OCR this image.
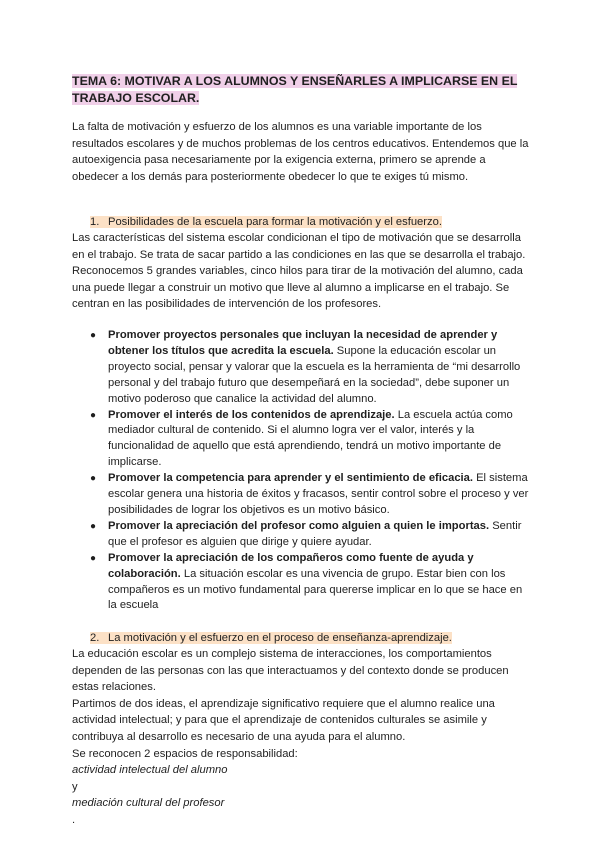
TEMA 6: MOTIVAR A LOS ALUMNOS Y ENSEÑARLES A IMPLICARSE EN EL
TRABAJO ESCOLAR.

La falta de motivación y esfuerzo de los alumnos es una variable importante de los resultados escolares y de muchos problemas de los centros educativos. Entendemos que la autoexigencia pasa necesariamente por la exigencia externa, primero se aprende a obedecer a los demás para posteriormente obedecer lo que te exiges tú mismo.

1. Posibilidades de la escuela para formar la motivación y el esfuerzo.

Las características del sistema escolar condicionan el tipo de motivación que se desarrolla en el trabajo. Se trata de sacar partido a las condiciones en las que se desarrolla el trabajo. Reconocemos 5 grandes variables, cinco hilos para tirar de la motivación del alumno, cada una puede llegar a construir un motivo que lleve al alumno a implicarse en el trabajo. Se centran en las posibilidades de intervención de los profesores.

● Promover proyectos personales que incluyan la necesidad de aprender y obtener los títulos que acredita la escuela. Supone la educación escolar un proyecto social, pensar y valorar que la escuela es la herramienta de “mi desarrollo personal y del trabajo futuro que desempeñará en la sociedad”, debe suponer un motivo poderoso que canalice la actividad del alumno.
● Promover el interés de los contenidos de aprendizaje. La escuela actúa como mediador cultural de contenido. Si el alumno logra ver el valor, interés y la funcionalidad de aquello que está aprendiendo, tendrá un motivo importante de implicarse.
● Promover la competencia para aprender y el sentimiento de eficacia. El sistema escolar genera una historia de éxitos y fracasos, sentir control sobre el proceso y ver posibilidades de lograr los objetivos es un motivo básico.
● Promover la apreciación del profesor como alguien a quien le importas. Sentir que el profesor es alguien que dirige y quiere ayudar.
● Promover la apreciación de los compañeros como fuente de ayuda y colaboración. La situación escolar es una vivencia de grupo. Estar bien con los compañeros es un motivo fundamental para quererse implicar en lo que se hace en la escuela
2. La motivación y el esfuerzo en el proceso de enseñanza-aprendizaje.
La educación escolar es un complejo sistema de interacciones, los comportamientos dependen de las personas con las que interactuamos y del contexto donde se producen estas relaciones.
Partimos de dos ideas, el aprendizaje significativo requiere que el alumno realice una actividad intelectual; y para que el aprendizaje de contenidos culturales se asimile y contribuya al desarrollo es necesario de una ayuda para el alumno.
Se reconocen 2 espacios de responsabilidad:
actividad intelectual del alumno
y
mediación cultural del profesor
.
